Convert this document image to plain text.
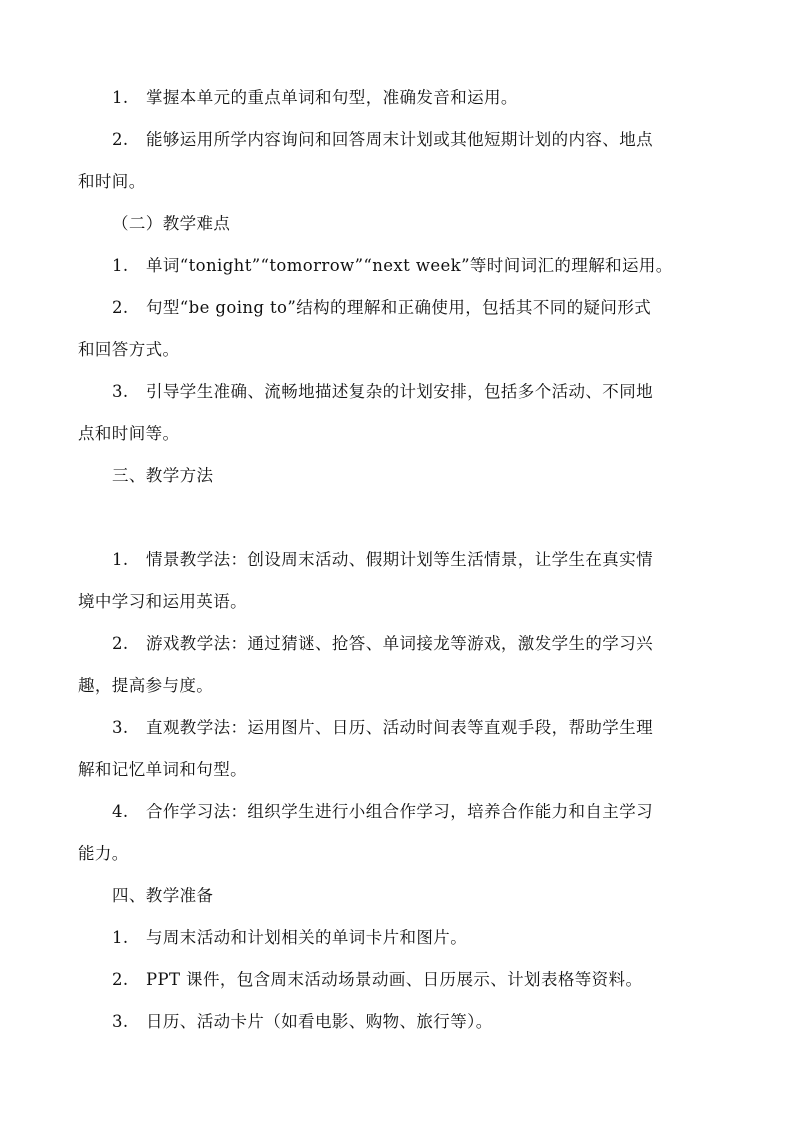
1. 掌握本单元的重点单词和句型，准确发音和运用。
2. 能够运用所学内容询问和回答周末计划或其他短期计划的内容、地点
和时间。
（二）教学难点
1. 单词“tonight”“tomorrow”“next week”等时间词汇的理解和运用。
2. 句型“be going to”结构的理解和正确使用，包括其不同的疑问形式
和回答方式。
3. 引导学生准确、流畅地描述复杂的计划安排，包括多个活动、不同地
点和时间等。
三、教学方法
1. 情景教学法：创设周末活动、假期计划等生活情景，让学生在真实情
境中学习和运用英语。
2. 游戏教学法：通过猜谜、抢答、单词接龙等游戏，激发学生的学习兴
趣，提高参与度。
3. 直观教学法：运用图片、日历、活动时间表等直观手段，帮助学生理
解和记忆单词和句型。
4. 合作学习法：组织学生进行小组合作学习，培养合作能力和自主学习
能力。
四、教学准备
1. 与周末活动和计划相关的单词卡片和图片。
2. PPT 课件，包含周末活动场景动画、日历展示、计划表格等资料。
3. 日历、活动卡片（如看电影、购物、旅行等）。
